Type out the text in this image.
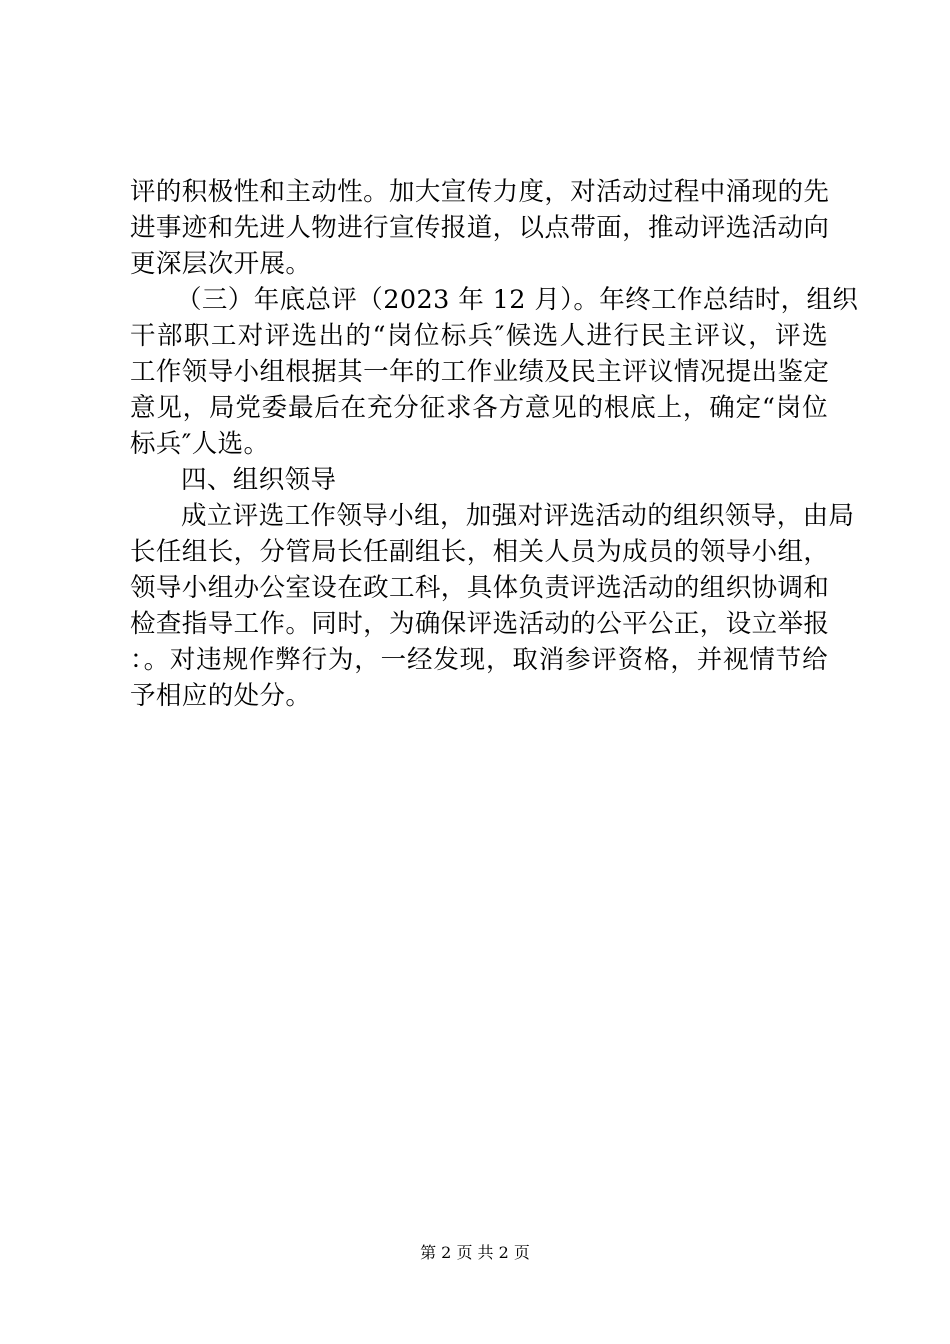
评的积极性和主动性。加大宣传力度，对活动过程中涌现的先
进事迹和先进人物进行宣传报道，以点带面，推动评选活动向
更深层次开展。
（三）年底总评（2023 年 12 月）。年终工作总结时，组织
干部职工对评选出的“岗位标兵″候选人进行民主评议，评选
工作领导小组根据其一年的工作业绩及民主评议情况提出鉴定
意见，局党委最后在充分征求各方意见的根底上，确定“岗位
标兵″人选。
四、组织领导
成立评选工作领导小组，加强对评选活动的组织领导，由局
长任组长，分管局长任副组长，相关人员为成员的领导小组，
领导小组办公室设在政工科，具体负责评选活动的组织协调和
检查指导工作。同时，为确保评选活动的公平公正，设立举报
：。对违规作弊行为，一经发现，取消参评资格，并视情节给
予相应的处分。
第 2 页 共 2 页
